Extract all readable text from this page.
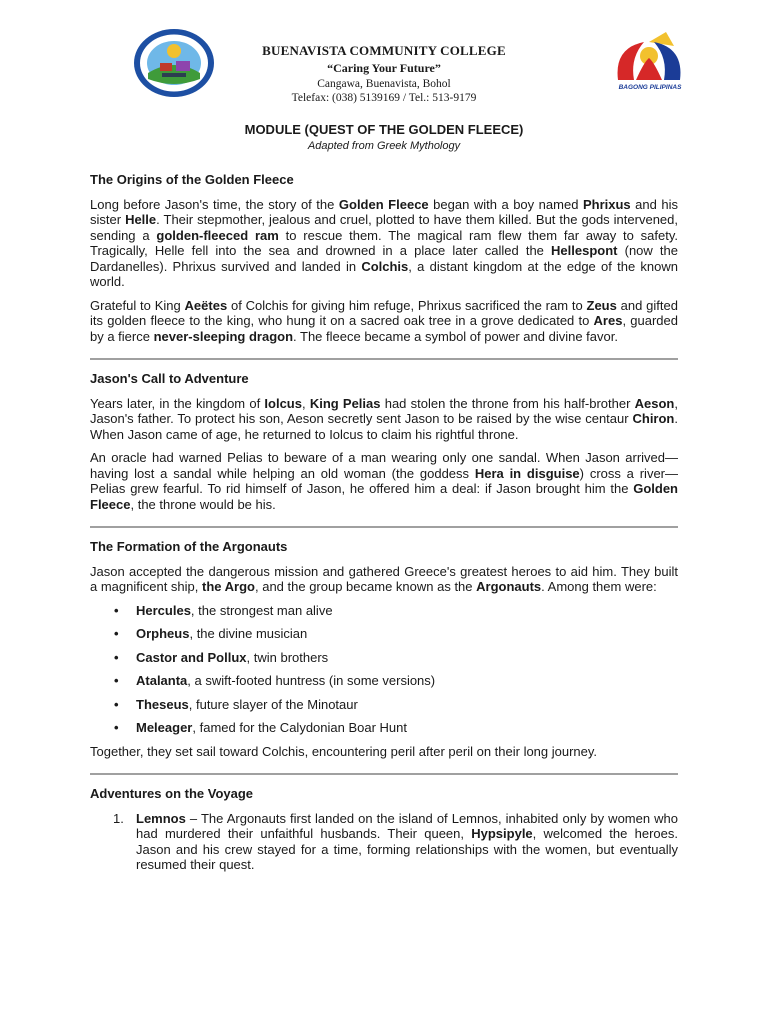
BUENAVISTA COMMUNITY COLLEGE
“Caring Your Future”
Cangawa, Buenavista, Bohol
Telefax: (038) 5139169 / Tel.: 513-9179
BAGONG PILIPINAS
MODULE (QUEST OF THE GOLDEN FLEECE)
Adapted from Greek Mythology
The Origins of the Golden Fleece

Long before Jason's time, the story of the Golden Fleece began with a boy named Phrixus and his sister Helle. Their stepmother, jealous and cruel, plotted to have them killed. But the gods intervened, sending a golden-fleeced ram to rescue them. The magical ram flew them far away to safety. Tragically, Helle fell into the sea and drowned in a place later called the Hellespont (now the Dardanelles). Phrixus survived and landed in Colchis, a distant kingdom at the edge of the known world.

Grateful to King Aeëtes of Colchis for giving him refuge, Phrixus sacrificed the ram to Zeus and gifted its golden fleece to the king, who hung it on a sacred oak tree in a grove dedicated to Ares, guarded by a fierce never-sleeping dragon. The fleece became a symbol of power and divine favor.

Jason's Call to Adventure

Years later, in the kingdom of Iolcus, King Pelias had stolen the throne from his half-brother Aeson, Jason's father. To protect his son, Aeson secretly sent Jason to be raised by the wise centaur Chiron. When Jason came of age, he returned to Iolcus to claim his rightful throne.

An oracle had warned Pelias to beware of a man wearing only one sandal. When Jason arrived—having lost a sandal while helping an old woman (the goddess Hera in disguise) cross a river—Pelias grew fearful. To rid himself of Jason, he offered him a deal: if Jason brought him the Golden Fleece, the throne would be his.

The Formation of the Argonauts

Jason accepted the dangerous mission and gathered Greece's greatest heroes to aid him. They built a magnificent ship, the Argo, and the group became known as the Argonauts. Among them were:

• Hercules, the strongest man alive
• Orpheus, the divine musician
• Castor and Pollux, twin brothers
• Atalanta, a swift-footed huntress (in some versions)
• Theseus, future slayer of the Minotaur
• Meleager, famed for the Calydonian Boar Hunt

Together, they set sail toward Colchis, encountering peril after peril on their long journey.

Adventures on the Voyage
1. Lemnos – The Argonauts first landed on the island of Lemnos, inhabited only by women who had murdered their unfaithful husbands. Their queen, Hypsipyle, welcomed the heroes. Jason and his crew stayed for a time, forming relationships with the women, but eventually resumed their quest.
